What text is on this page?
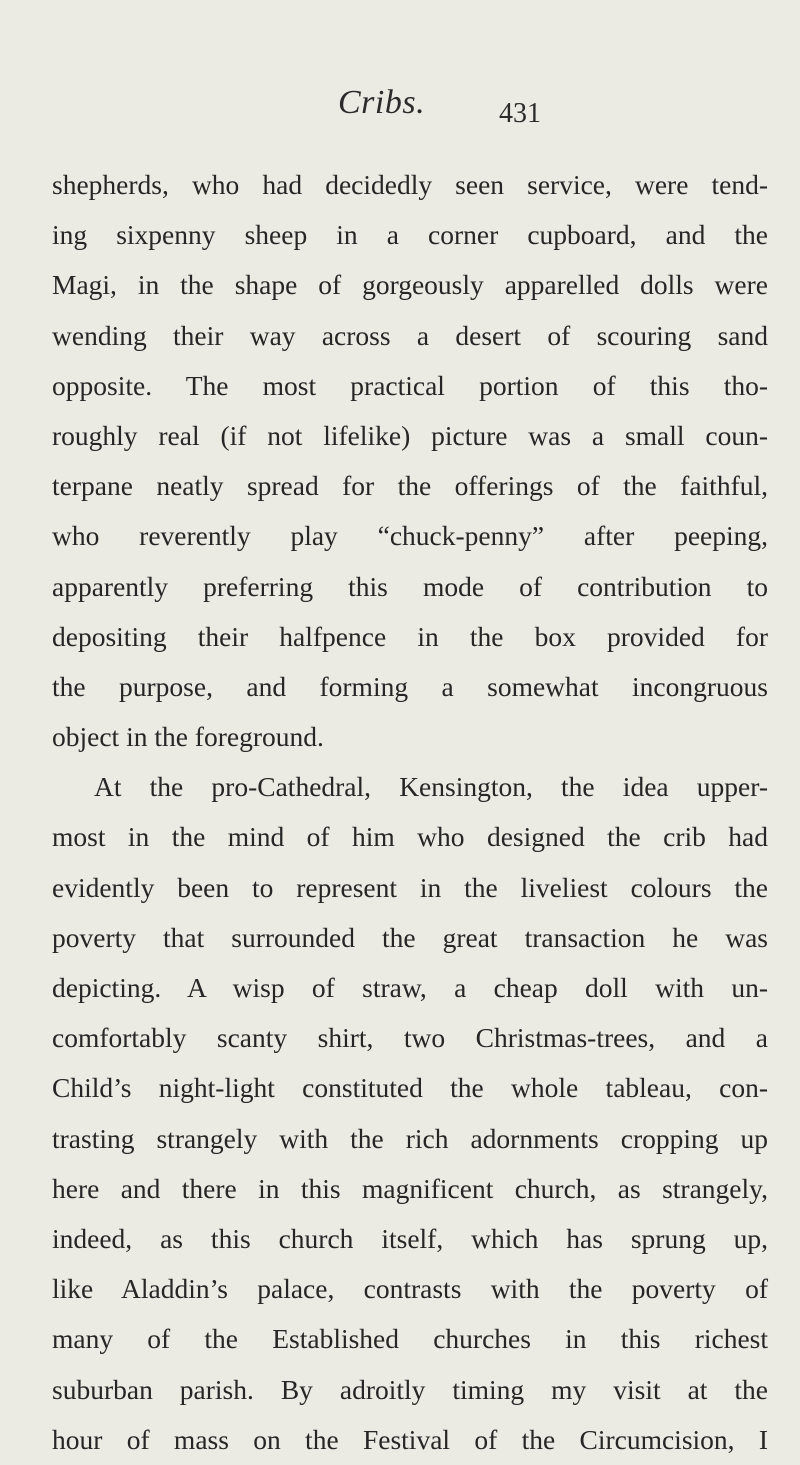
Cribs.	431
shepherds, who had decidedly seen service, were tend-
ing sixpenny sheep in a corner cupboard, and the
Magi, in the shape of gorgeously apparelled dolls were
wending their way across a desert of scouring sand
opposite. The most practical portion of this tho-
roughly real (if not lifelike) picture was a small coun-
terpane neatly spread for the offerings of the faithful,
who reverently play “chuck-penny” after peeping,
apparently preferring this mode of contribution to
depositing their halfpence in the box provided for
the purpose, and forming a somewhat incongruous
object in the foreground.
At the pro-Cathedral, Kensington, the idea upper-
most in the mind of him who designed the crib had
evidently been to represent in the liveliest colours the
poverty that surrounded the great transaction he was
depicting. A wisp of straw, a cheap doll with un-
comfortably scanty shirt, two Christmas-trees, and a
Child’s night-light constituted the whole tableau, con-
trasting strangely with the rich adornments cropping up
here and there in this magnificent church, as strangely,
indeed, as this church itself, which has sprung up,
like Aladdin’s palace, contrasts with the poverty of
many of the Established churches in this richest
suburban parish. By adroitly timing my visit at the
hour of mass on the Festival of the Circumcision, I
